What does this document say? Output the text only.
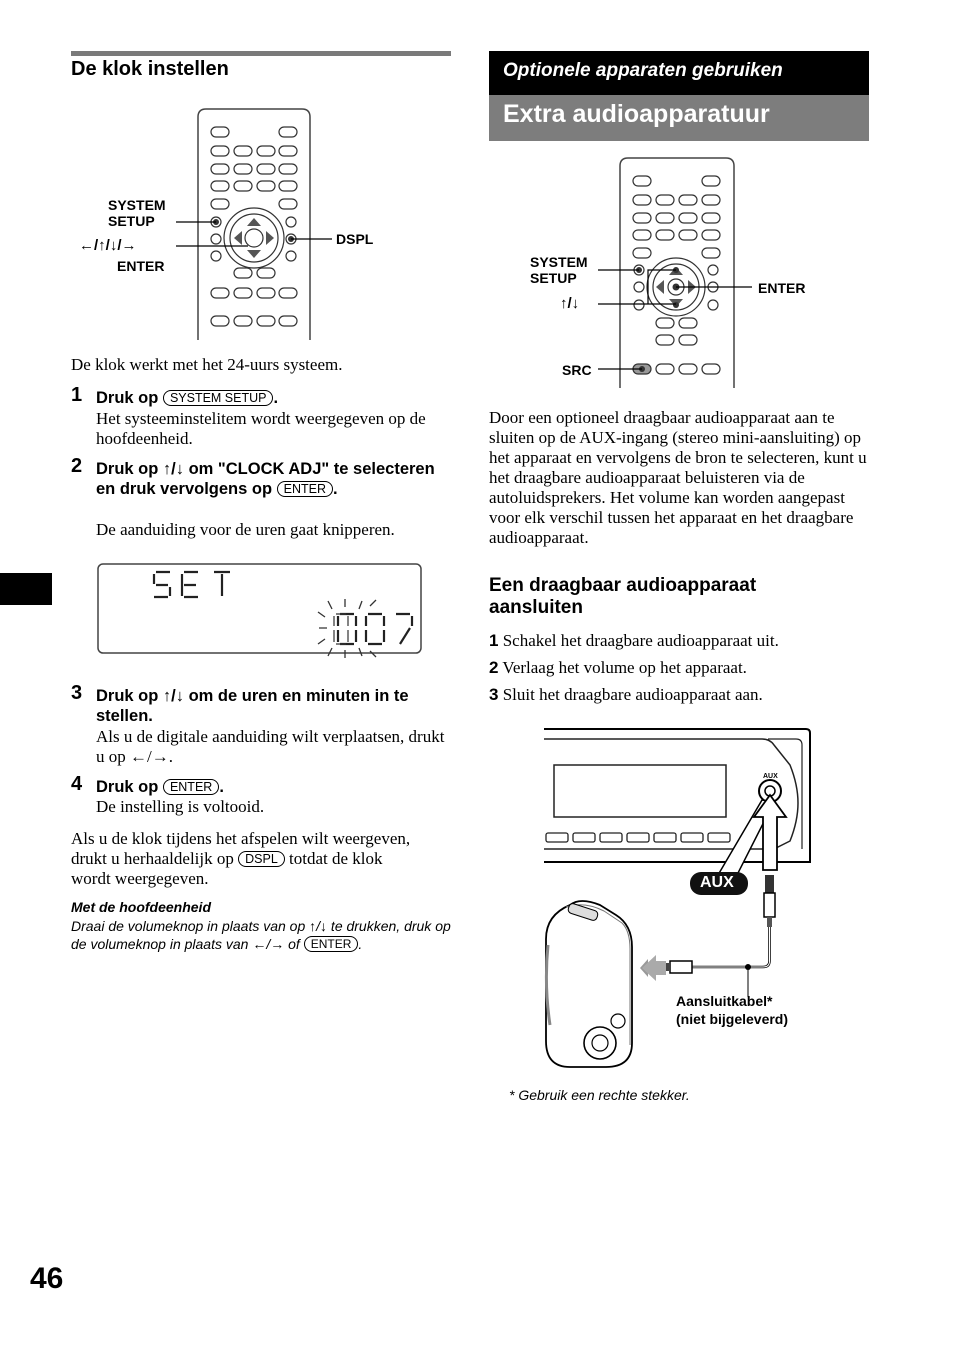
De klok instellen
SYSTEM
SETUP
←/↑/↓/→
ENTER
DSPL
De klok werkt met het 24-uurs systeem.
1 Druk op SYSTEM SETUP .
Het systeeminstelitem wordt weergegeven op de hoofdeenheid.
2 Druk op ↑/↓ om "CLOCK ADJ" te selecteren en druk vervolgens op ENTER .
De aanduiding voor de uren gaat knipperen.
3 Druk op ↑/↓ om de uren en minuten in te stellen.
Als u de digitale aanduiding wilt verplaatsen, drukt u op ←/→.
4 Druk op ENTER .
De instelling is voltooid.
Als u de klok tijdens het afspelen wilt weergeven, drukt u herhaaldelijk op DSPL totdat de klok wordt weergegeven.
Met de hoofdeenheid
Draai de volumeknop in plaats van op ↑/↓ te drukken, druk op de volumeknop in plaats van ←/→ of ENTER .
Optionele apparaten gebruiken
Extra audioapparatuur
SYSTEM
SETUP
↑/↓
SRC
ENTER
Door een optioneel draagbaar audioapparaat aan te sluiten op de AUX-ingang (stereo mini-aansluiting) op het apparaat en vervolgens de bron te selecteren, kunt u het draagbare audioapparaat beluisteren via de autoluidsprekers. Het volume kan worden aangepast voor elk verschil tussen het apparaat en het draagbare audioapparaat.
Een draagbaar audioapparaat aansluiten
1 Schakel het draagbare audioapparaat uit.
2 Verlaag het volume op het apparaat.
3 Sluit het draagbare audioapparaat aan.
AUX
AUX
Aansluitkabel*
(niet bijgeleverd)
* Gebruik een rechte stekker.
46
